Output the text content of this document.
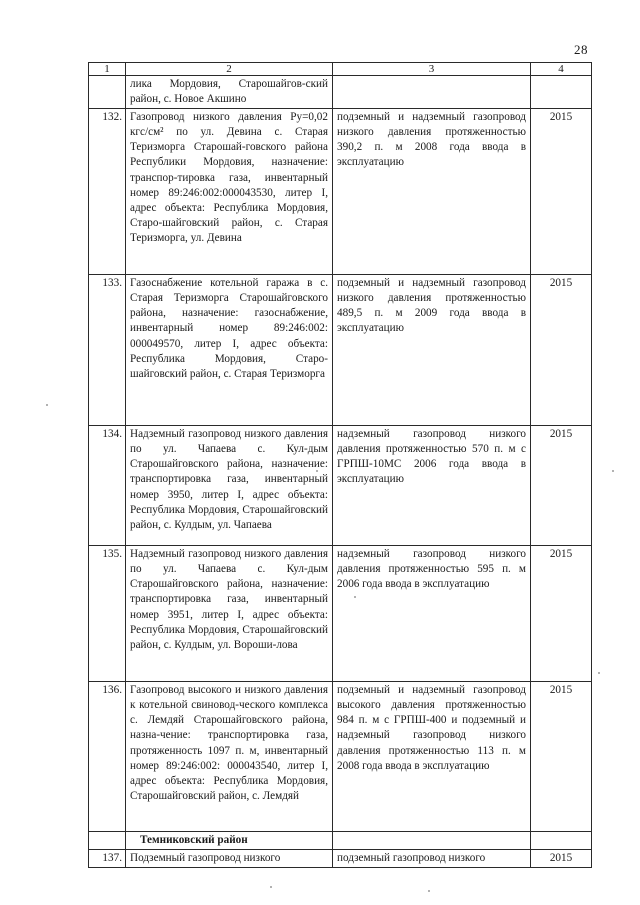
28
1	2	3	4
	лика Мордовия, Старошайгов-ский район, с. Новое Акшино		
132.	Газопровод низкого давления Ру=0,02 кгс/см² по ул. Девина с. Старая Теризморга Старошай-говского района Республики Мордовия, назначение: транспор-тировка газа, инвентарный номер 89:246:002:000043530, литер I, адрес объекта: Республика Мордовия, Старо-шайговский район, с. Старая Теризморга, ул. Девина	подземный и надземный газопровод низкого давления протяженностью 390,2 п. м 2008 года ввода в эксплуатацию	2015
133.	Газоснабжение котельной гаража в с. Старая Теризморга Старошайговского района, назначение: газоснабжение, инвентарный номер 89:246:002: 000049570, литер I, адрес объекта: Республика Мордовия, Старо-шайговский район, с. Старая Теризморга	подземный и надземный газопровод низкого давления протяженностью 489,5 п. м 2009 года ввода в эксплуатацию	2015
134.	Надземный газопровод низкого давления по ул. Чапаева с. Кул-дым Старошайговского района, назначение: транспортировка газа, инвентарный номер 3950, литер I, адрес объекта: Республика Мордовия, Старошайговский район, с. Кулдым, ул. Чапаева	надземный газопровод низкого давления протяженностью 570 п. м с ГРПШ-10МС 2006 года ввода в эксплуатацию	2015
135.	Надземный газопровод низкого давления по ул. Чапаева с. Кул-дым Старошайговского района, назначение: транспортировка газа, инвентарный номер 3951, литер I, адрес объекта: Республика Мордовия, Старошайговский район, с. Кулдым, ул. Вороши-лова	надземный газопровод низкого давления протяженностью 595 п. м 2006 года ввода в эксплуатацию	2015
136.	Газопровод высокого и низкого давления к котельной свиновод-ческого комплекса с. Лемдяй Старошайговского района, назна-чение: транспортировка газа, протяженность 1097 п. м, инвентарный номер 89:246:002: 000043540, литер I, адрес объекта: Республика Мордовия, Старошайговский район, с. Лемдяй	подземный и надземный газопровод высокого давления протяженностью 984 п. м с ГРПШ-400 и подземный и надземный газопровод низкого давления протяженностью 113 п. м 2008 года ввода в эксплуатацию	2015
	Темниковский район		
137.	Подземный газопровод низкого	подземный газопровод низкого	2015
